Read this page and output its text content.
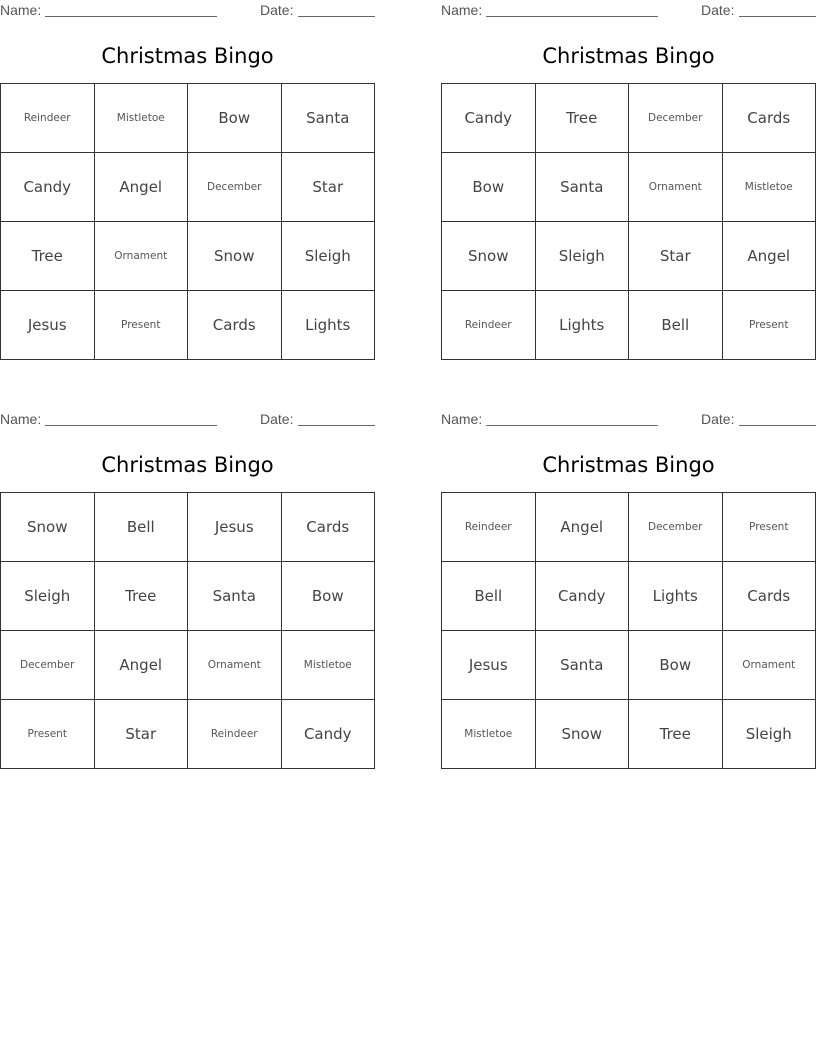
Name:	Date:
Christmas Bingo
Reindeer	Mistletoe	Bow	Santa
Candy	Angel	December	Star
Tree	Ornament	Snow	Sleigh
Jesus	Present	Cards	Lights
Name:	Date:
Christmas Bingo
Candy	Tree	December	Cards
Bow	Santa	Ornament	Mistletoe
Snow	Sleigh	Star	Angel
Reindeer	Lights	Bell	Present
Name:	Date:
Christmas Bingo
Snow	Bell	Jesus	Cards
Sleigh	Tree	Santa	Bow
December	Angel	Ornament	Mistletoe
Present	Star	Reindeer	Candy
Name:	Date:
Christmas Bingo
Reindeer	Angel	December	Present
Bell	Candy	Lights	Cards
Jesus	Santa	Bow	Ornament
Mistletoe	Snow	Tree	Sleigh
